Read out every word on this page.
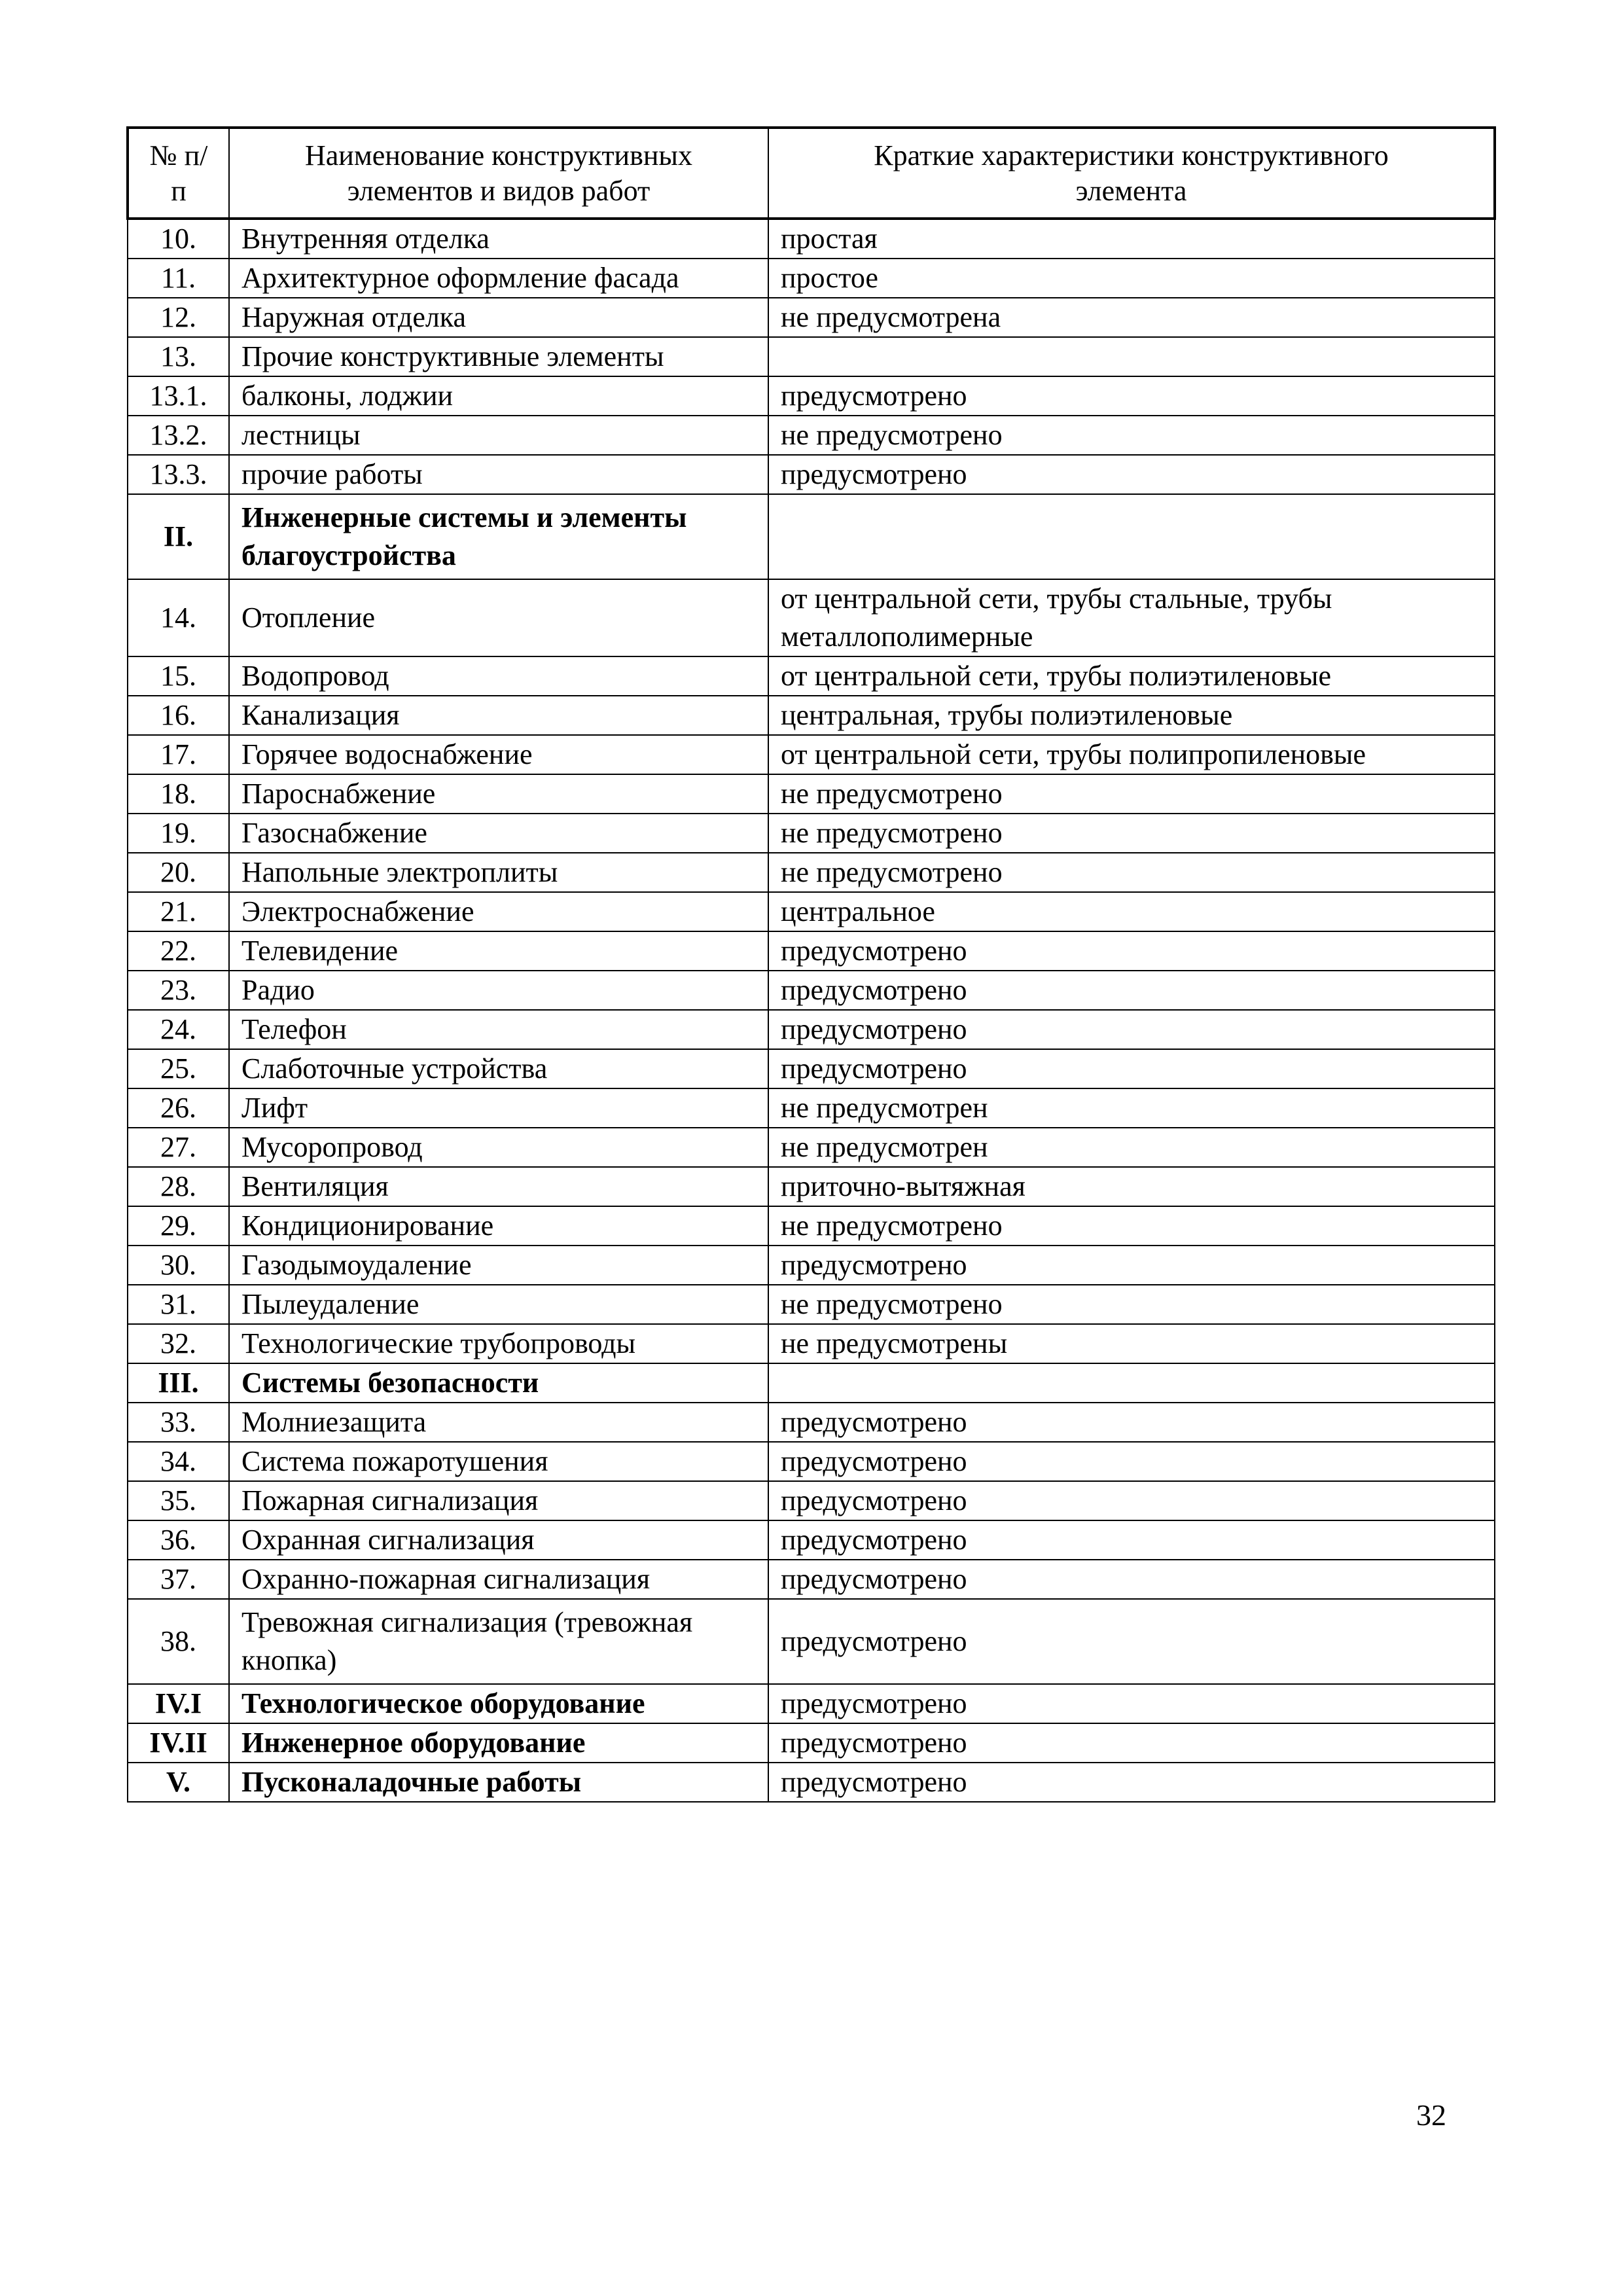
№ п/п	Наименование конструктивных элементов и видов работ	Краткие характеристики конструктивного элемента
10.	Внутренняя отделка	простая
11.	Архитектурное оформление фасада	простое
12.	Наружная отделка	не предусмотрена
13.	Прочие конструктивные элементы	
13.1.	балконы, лоджии	предусмотрено
13.2.	лестницы	не предусмотрено
13.3.	прочие работы	предусмотрено
II.	Инженерные системы и элементы благоустройства	
14.	Отопление	от центральной сети, трубы стальные, трубы металлополимерные
15.	Водопровод	от центральной сети, трубы полиэтиленовые
16.	Канализация	центральная, трубы полиэтиленовые
17.	Горячее водоснабжение	от центральной сети, трубы полипропиленовые
18.	Пароснабжение	не предусмотрено
19.	Газоснабжение	не предусмотрено
20.	Напольные электроплиты	не предусмотрено
21.	Электроснабжение	центральное
22.	Телевидение	предусмотрено
23.	Радио	предусмотрено
24.	Телефон	предусмотрено
25.	Слаботочные устройства	предусмотрено
26.	Лифт	не предусмотрен
27.	Мусоропровод	не предусмотрен
28.	Вентиляция	приточно-вытяжная
29.	Кондиционирование	не предусмотрено
30.	Газодымоудаление	предусмотрено
31.	Пылеудаление	не предусмотрено
32.	Технологические трубопроводы	не предусмотрены
III.	Системы безопасности	
33.	Молниезащита	предусмотрено
34.	Система пожаротушения	предусмотрено
35.	Пожарная сигнализация	предусмотрено
36.	Охранная сигнализация	предусмотрено
37.	Охранно-пожарная сигнализация	предусмотрено
38.	Тревожная сигнализация (тревожная кнопка)	предусмотрено
IV.I	Технологическое оборудование	предусмотрено
IV.II	Инженерное оборудование	предусмотрено
V.	Пусконаладочные работы	предусмотрено
32
